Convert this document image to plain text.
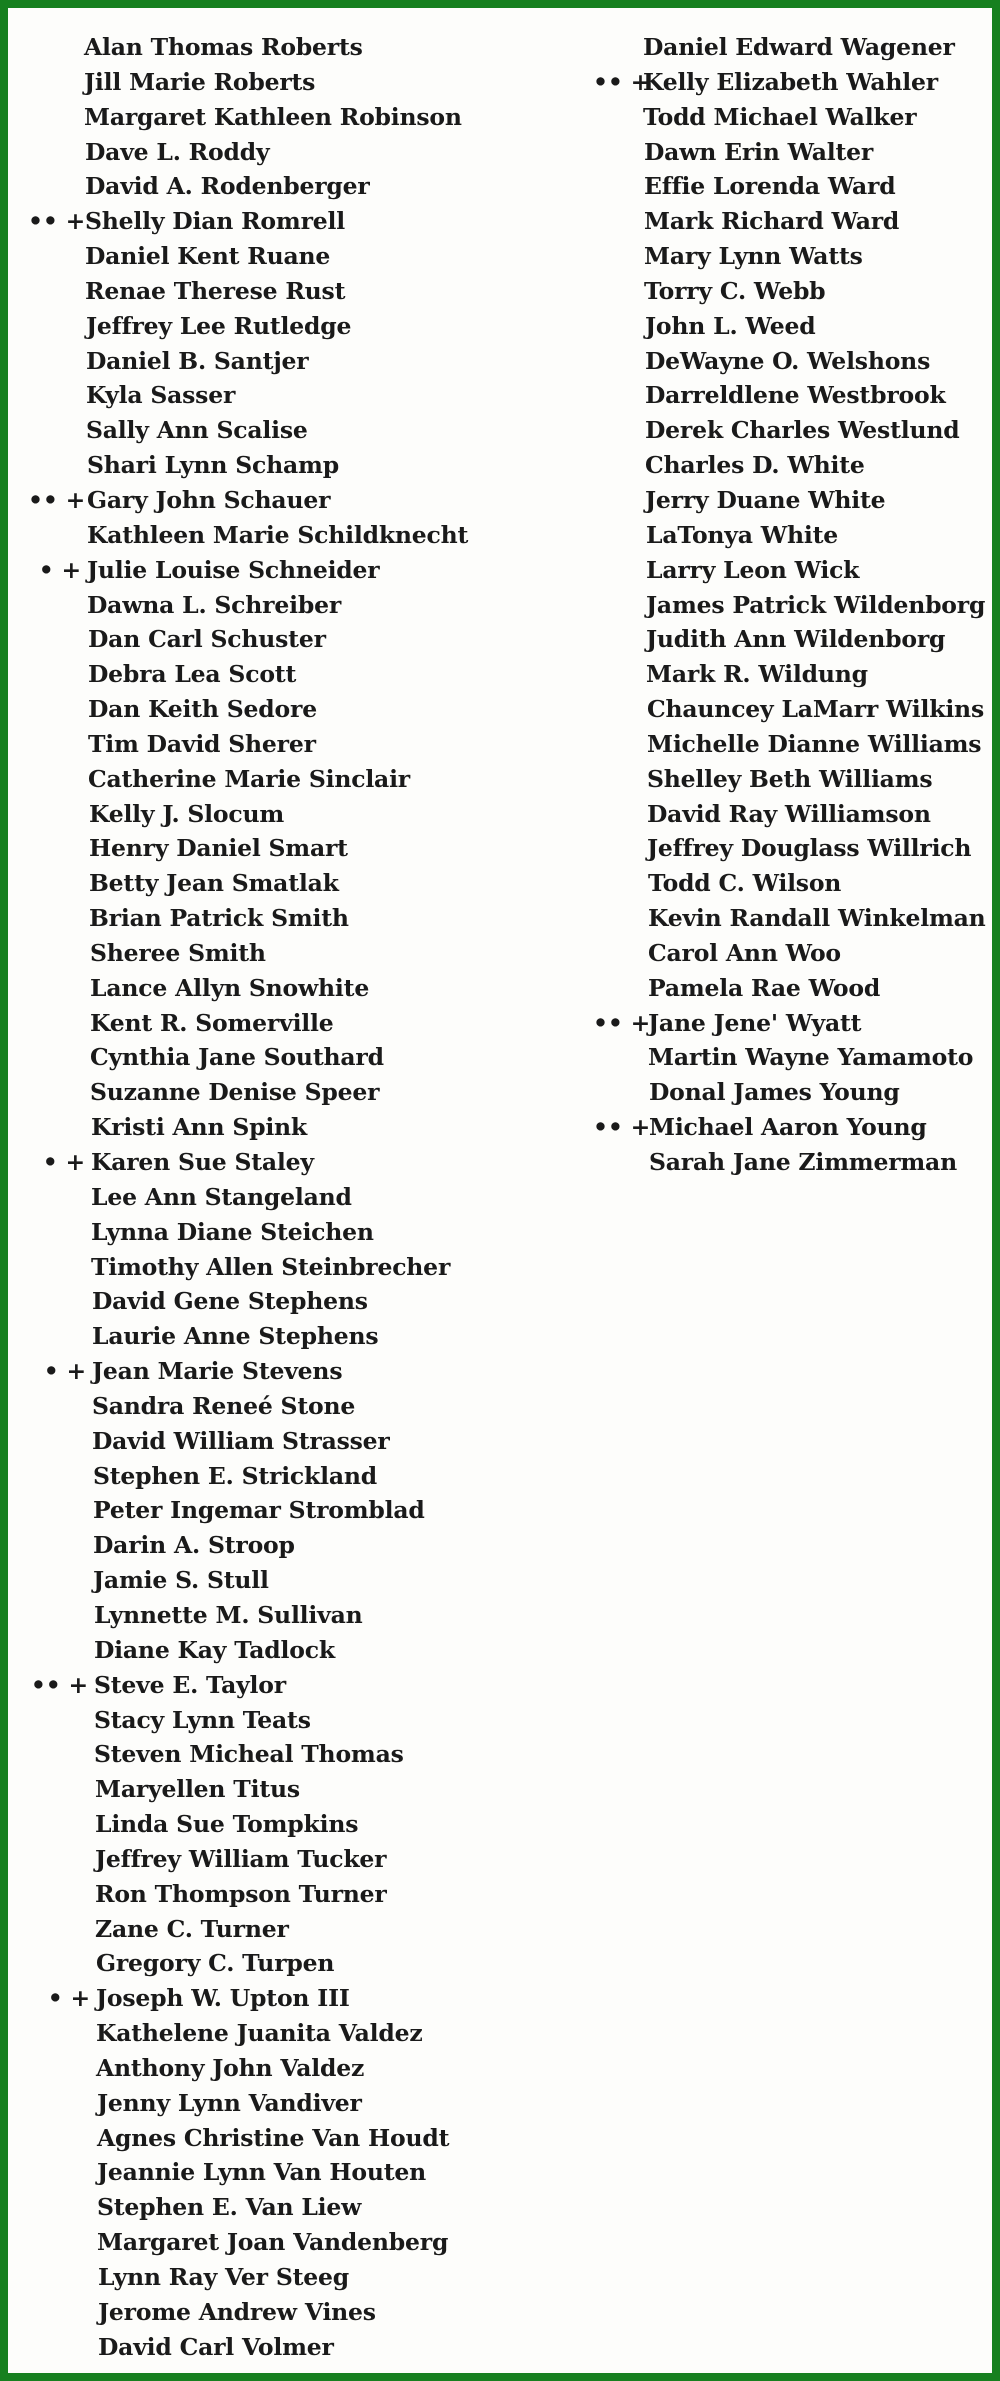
Alan Thomas Roberts
Jill Marie Roberts
Margaret Kathleen Robinson
Dave L. Roddy
David A. Rodenberger
•• +Shelly Dian Romrell
Daniel Kent Ruane
Renae Therese Rust
Jeffrey Lee Rutledge
Daniel B. Santjer
Kyla Sasser
Sally Ann Scalise
Shari Lynn Schamp
•• +Gary John Schauer
Kathleen Marie Schildknecht
• + Julie Louise Schneider
Dawna L. Schreiber
Dan Carl Schuster
Debra Lea Scott
Dan Keith Sedore
Tim David Sherer
Catherine Marie Sinclair
Kelly J. Slocum
Henry Daniel Smart
Betty Jean Smatlak
Brian Patrick Smith
Sheree Smith
Lance Allyn Snowhite
Kent R. Somerville
Cynthia Jane Southard
Suzanne Denise Speer
Kristi Ann Spink
• + Karen Sue Staley
Lee Ann Stangeland
Lynna Diane Steichen
Timothy Allen Steinbrecher
David Gene Stephens
Laurie Anne Stephens
• + Jean Marie Stevens
Sandra Reneé Stone
David William Strasser
Stephen E. Strickland
Peter Ingemar Stromblad
Darin A. Stroop
Jamie S. Stull
Lynnette M. Sullivan
Diane Kay Tadlock
•• + Steve E. Taylor
Stacy Lynn Teats
Steven Micheal Thomas
Maryellen Titus
Linda Sue Tompkins
Jeffrey William Tucker
Ron Thompson Turner
Zane C. Turner
Gregory C. Turpen
• + Joseph W. Upton III
Kathelene Juanita Valdez
Anthony John Valdez
Jenny Lynn Vandiver
Agnes Christine Van Houdt
Jeannie Lynn Van Houten
Stephen E. Van Liew
Margaret Joan Vandenberg
Lynn Ray Ver Steeg
Jerome Andrew Vines
David Carl Volmer
Daniel Edward Wagener
•• +Kelly Elizabeth Wahler
Todd Michael Walker
Dawn Erin Walter
Effie Lorenda Ward
Mark Richard Ward
Mary Lynn Watts
Torry C. Webb
John L. Weed
DeWayne O. Welshons
Darreldlene Westbrook
Derek Charles Westlund
Charles D. White
Jerry Duane White
LaTonya White
Larry Leon Wick
James Patrick Wildenborg
Judith Ann Wildenborg
Mark R. Wildung
Chauncey LaMarr Wilkins
Michelle Dianne Williams
Shelley Beth Williams
David Ray Williamson
Jeffrey Douglass Willrich
Todd C. Wilson
Kevin Randall Winkelman
Carol Ann Woo
Pamela Rae Wood
•• +Jane Jene' Wyatt
Martin Wayne Yamamoto
Donal James Young
•• +Michael Aaron Young
Sarah Jane Zimmerman
